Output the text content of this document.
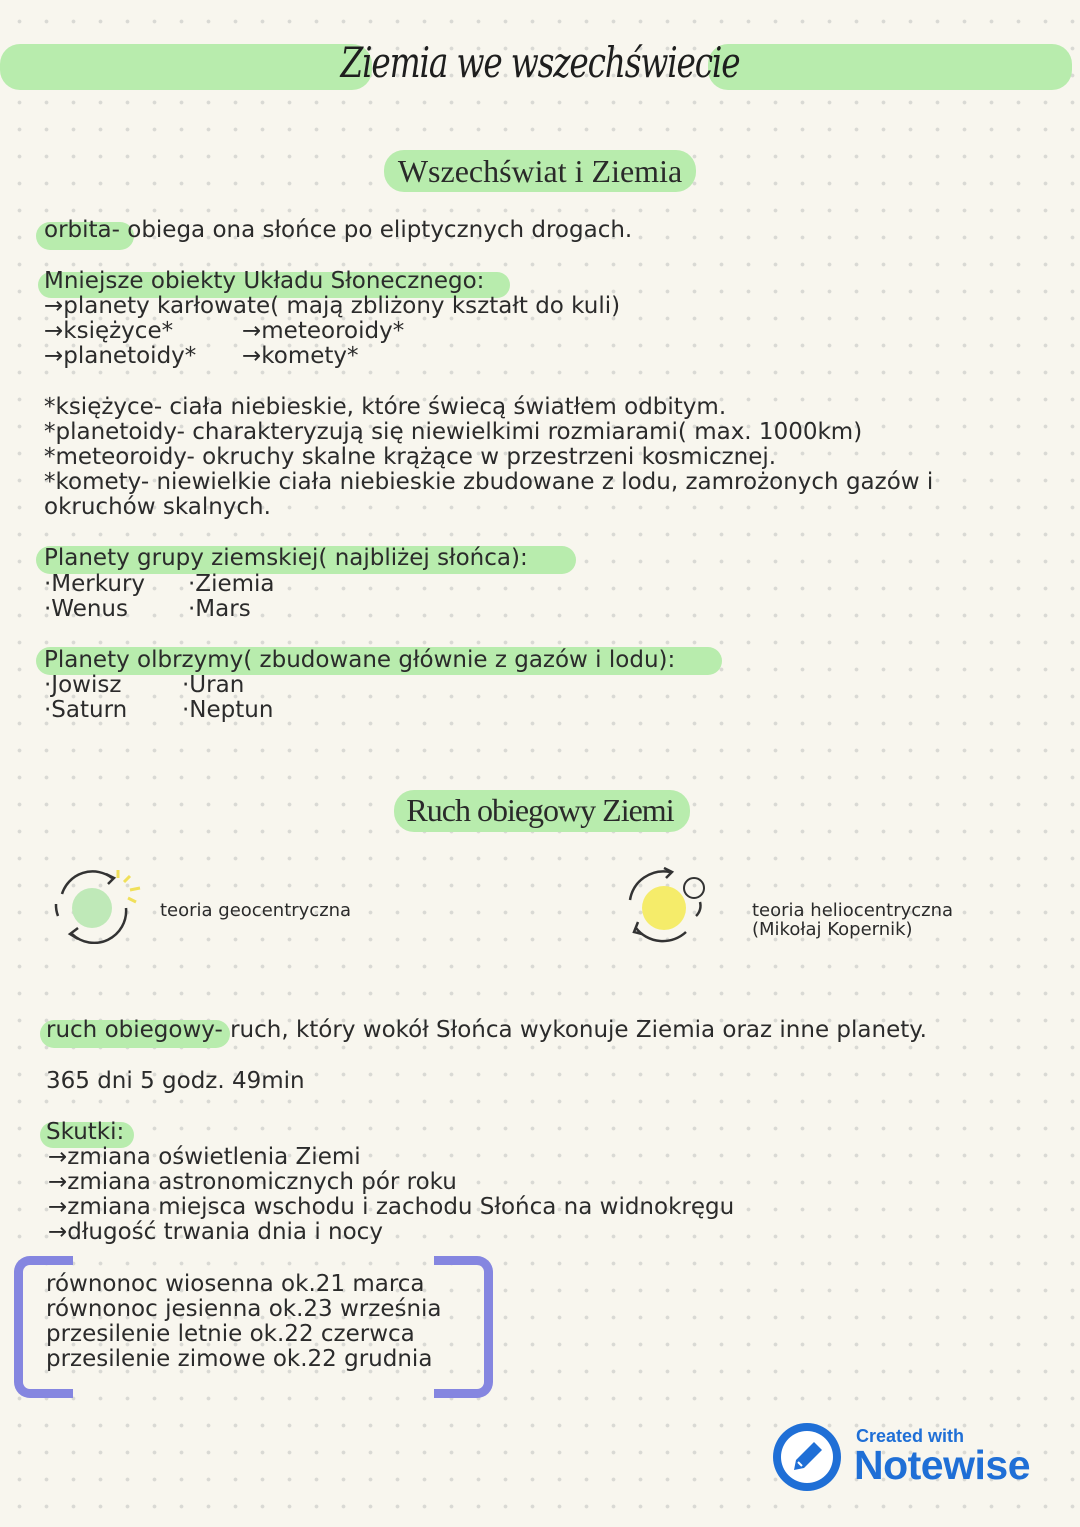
Ziemia we wszechświecie
Wszechświat i Ziemia
orbita- obiega ona słońce po eliptycznych drogach.
Mniejsze obiekty Układu Słonecznego:
→planety karłowate( mają zbliżony kształt do kuli)
→księżyce*	→meteoroidy*
→planetoidy* →komety*
*księżyce- ciała niebieskie, które świecą światłem odbitym.
*planetoidy- charakteryzują się niewielkimi rozmiarami( max. 1000km)
*meteoroidy- okruchy skalne krążące w przestrzeni kosmicznej.
*komety- niewielkie ciała niebieskie zbudowane z lodu, zamrożonych gazów i
okruchów skalnych.
Planety grupy ziemskiej( najbliżej słońca):
·Merkury ·Ziemia
·Wenus	·Mars
Planety olbrzymy( zbudowane głównie z gazów i lodu):
·Jowisz	·Uran
·Saturn ·Neptun
Ruch obiegowy Ziemi
teoria geocentryczna	teoria heliocentryczna
(Mikołaj Kopernik)
ruch obiegowy- ruch, który wokół Słońca wykonuje Ziemia oraz inne planety.
365 dni 5 godz. 49min
Skutki:
→zmiana oświetlenia Ziemi
→zmiana astronomicznych pór roku
→zmiana miejsca wschodu i zachodu Słońca na widnokręgu
→długość trwania dnia i nocy
równonoc wiosenna ok.21 marca
równonoc jesienna ok.23 września
przesilenie letnie ok.22 czerwca
przesilenie zimowe ok.22 grudnia
Created with
Notewise
